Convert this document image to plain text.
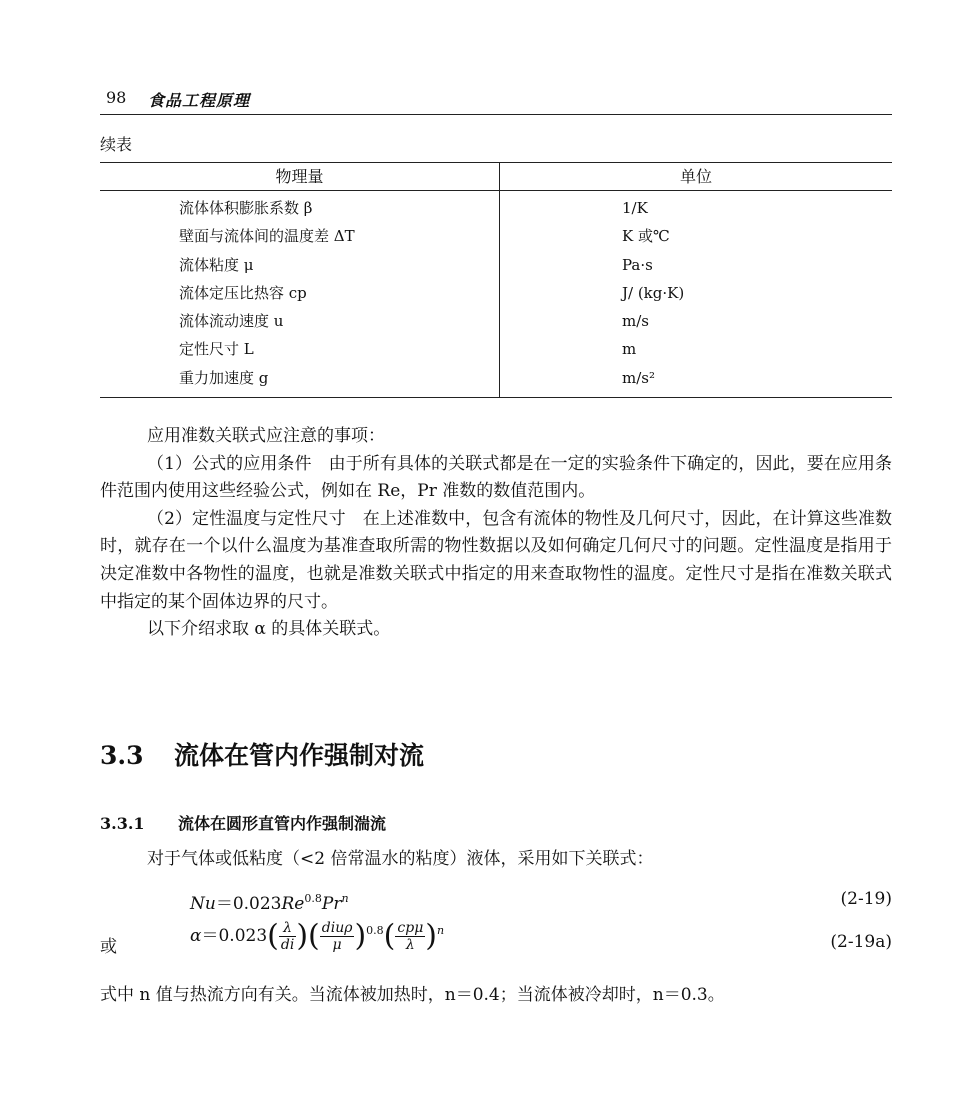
98 食品工程原理
续表
物理量	单位
流体体积膨胀系数 β
壁面与流体间的温度差 ΔT
流体粘度 μ
流体定压比热容 cp
流体流动速度 u
定性尺寸 L
重力加速度 g
1/K
K 或℃
Pa·s
J/ (kg·K)
m/s
m
m/s²

应用准数关联式应注意的事项：

（1）公式的应用条件　由于所有具体的关联式都是在一定的实验条件下确定的，因此，要在应用条件范围内使用这些经验公式，例如在 Re，Pr 准数的数值范围内。

（2）定性温度与定性尺寸　在上述准数中，包含有流体的物性及几何尺寸，因此，在计算这些准数时，就存在一个以什么温度为基准查取所需的物性数据以及如何确定几何尺寸的问题。定性温度是指用于决定准数中各物性的温度，也就是准数关联式中指定的用来查取物性的温度。定性尺寸是指在准数关联式中指定的某个固体边界的尺寸。

以下介绍求取 α 的具体关联式。

3.3 流体在管内作强制对流
3.3.1 流体在圆形直管内作强制湍流

对于气体或低粘度（<2 倍常温水的粘度）液体，采用如下关联式：

$Nu=0.023Re^{0.8}Pr^n$	(2-19)
或
$\alpha=0.023( \frac{\lambda}{di}$ )( $\frac{\text{diuρ}}{\mu} )^{0.8}( \frac{\text{cpμ}}{\lambda} )^n$
(2-19a)

式中 n 值与热流方向有关。当流体被加热时，n＝0.4；当流体被冷却时，n＝0.3。
